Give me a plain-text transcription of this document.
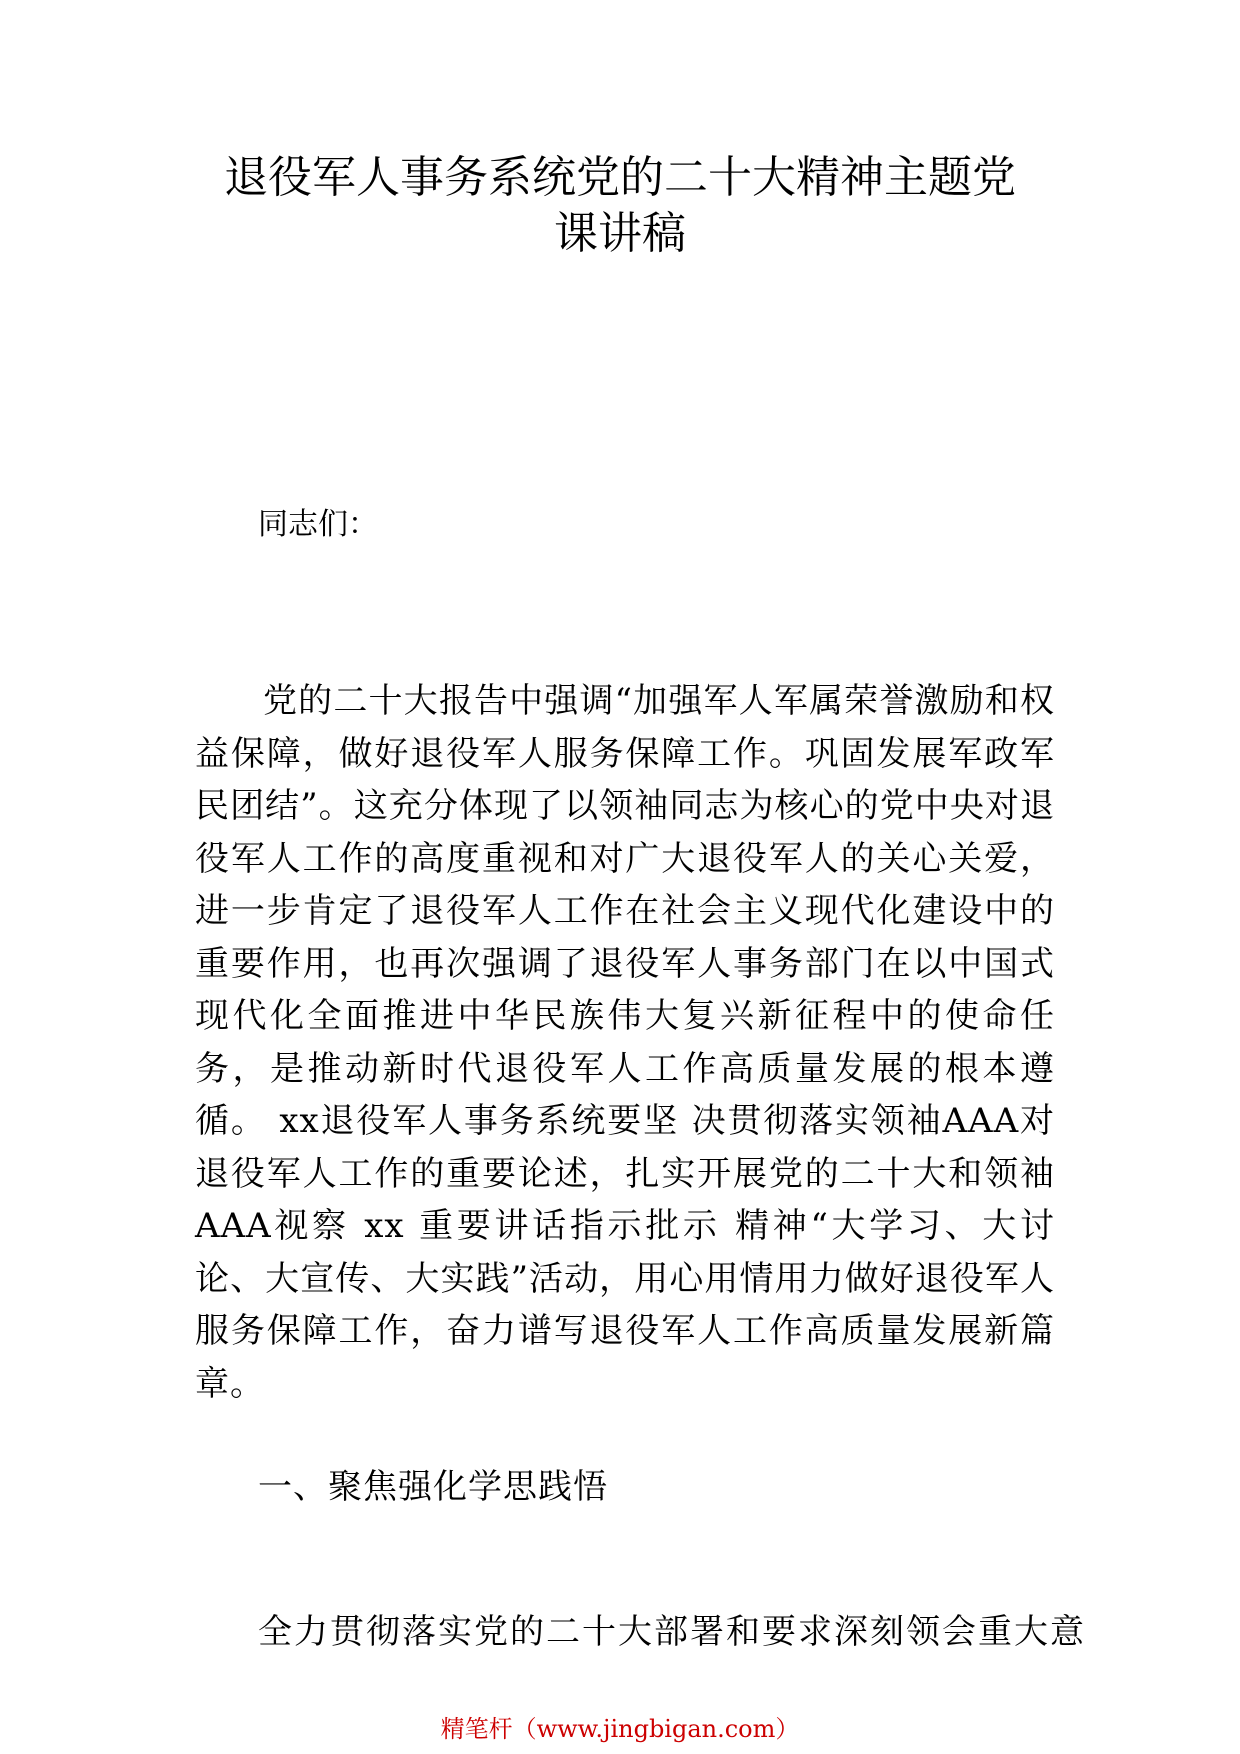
退役军人事务系统党的二十大精神主题党
课讲稿

同志们：

党的二十大报告中强调“加强军人军属荣誉激励和权益保障，做好退役军人服务保障工作。巩固发展军政军民团结”。这充分体现了以领袖同志为核心的党中央对退役军人工作的高度重视和对广大退役军人的关心关爱，进一步肯定了退役军人工作在社会主义现代化建设中的重要作用，也再次强调了退役军人事务部门在以中国式现代化全面推进中华民族伟大复兴新征程中的使命任务，是推动新时代退役军人工作高质量发展的根本遵循。 xx退役军人事务系统要坚 决贯彻落实领袖AAA对退役军人工作的重要论述，扎实开展党的二十大和领袖AAA视察 xx 重要讲话指示批示 精神“大学习、大讨论、大宣传、大实践”活动，用心用情用力做好退役军人服务保障工作，奋力谱写退役军人工作高质量发展新篇章。

一、聚焦强化学思践悟

全力贯彻落实党的二十大部署和要求深刻领会重大意

精笔杆（www.jingbigan.com）
